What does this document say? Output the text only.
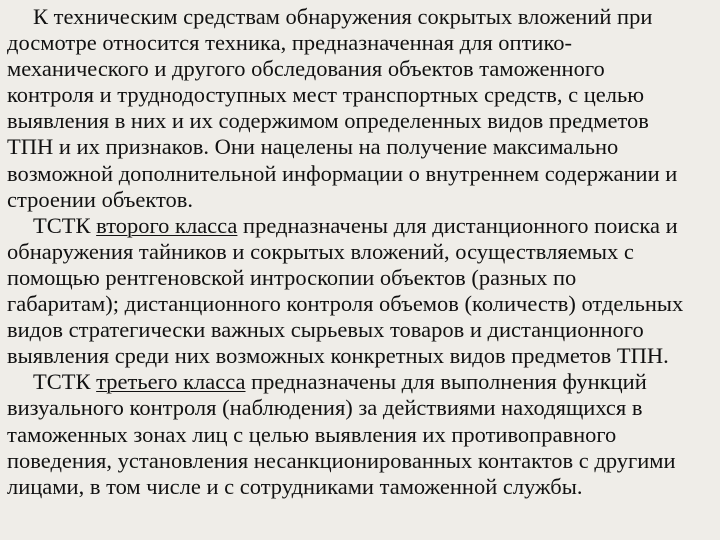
К техническим средствам обнаружения сокрытых вложений при
досмотре относится техника, предназначенная для оптико-
механического и другого обследования объектов таможенного
контроля и труднодоступных мест транспортных средств, с целью
выявления в них и их содержимом определенных видов предметов
ТПН и их признаков. Они нацелены на получение максимально
возможной дополнительной информации о внутреннем содержании и
строении объектов.
ТСТК второго класса предназначены для дистанционного поиска и
обнаружения тайников и сокрытых вложений, осуществляемых с
помощью рентгеновской интроскопии объектов (разных по
габаритам); дистанционного контроля объемов (количеств) отдельных
видов стратегически важных сырьевых товаров и дистанционного
выявления среди них возможных конкретных видов предметов ТПН.
ТСТК третьего класса предназначены для выполнения функций
визуального контроля (наблюдения) за действиями находящихся в
таможенных зонах лиц с целью выявления их противоправного
поведения, установления несанкционированных контактов с другими
лицами, в том числе и с сотрудниками таможенной службы.
